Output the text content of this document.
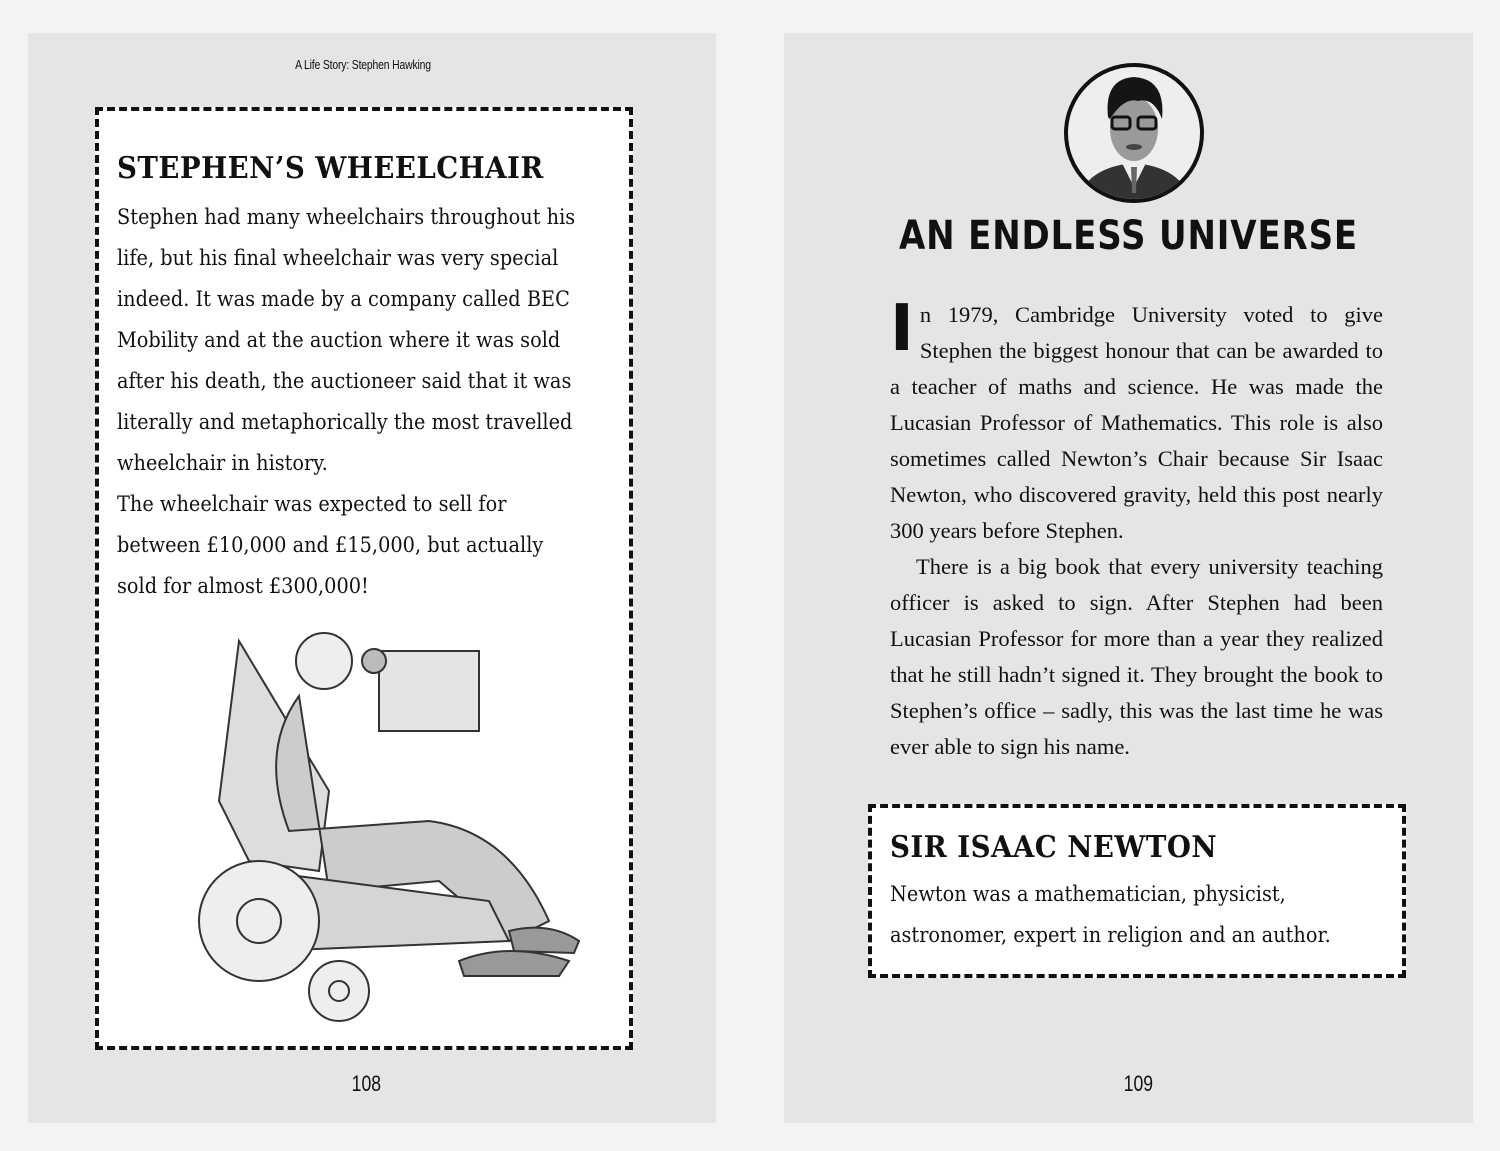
A Life Story: Stephen Hawking
STEPHEN’S WHEELCHAIR
Stephen had many wheelchairs throughout his
life, but his final wheelchair was very special
indeed. It was made by a company called BEC
Mobility and at the auction where it was sold
after his death, the auctioneer said that it was
literally and metaphorically the most travelled
wheelchair in history.
The wheelchair was expected to sell for
between £10,000 and £15,000, but actually
sold for almost £300,000!
108
AN ENDLESS UNIVERSE

In 1979, Cambridge University voted to give Stephen the biggest honour that can be awarded to a teacher of maths and science. He was made the Lucasian Professor of Mathematics. This role is also sometimes called Newton’s Chair because Sir Isaac Newton, who discovered gravity, held this post nearly 300 years before Stephen.

There is a big book that every university teaching officer is asked to sign. After Stephen had been Lucasian Professor for more than a year they realized that he still hadn’t signed it. They brought the book to Stephen’s office – sadly, this was the last time he was ever able to sign his name.

SIR ISAAC NEWTON
Newton was a mathematician, physicist,
astronomer, expert in religion and an author.
109
